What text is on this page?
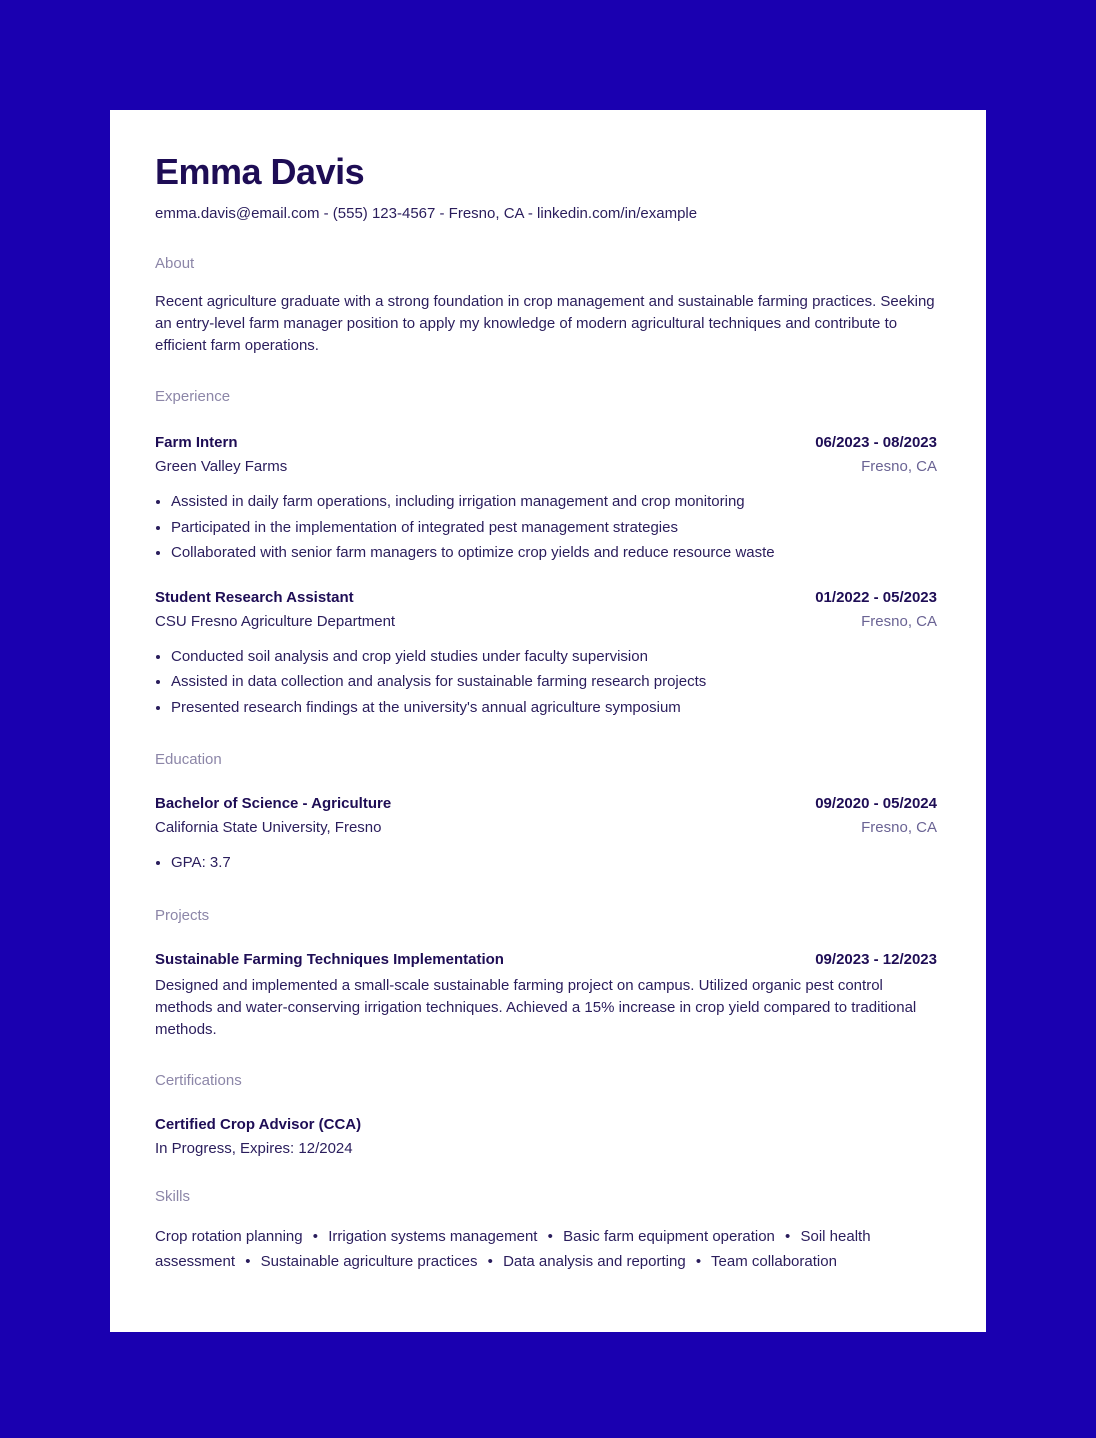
Emma Davis
emma.davis@email.com - (555) 123-4567 - Fresno, CA - linkedin.com/in/example
About
Recent agriculture graduate with a strong foundation in crop management and sustainable farming practices. Seeking an entry-level farm manager position to apply my knowledge of modern agricultural techniques and contribute to efficient farm operations.
Experience
Farm Intern	06/2023 - 08/2023
Green Valley Farms	Fresno, CA
• Assisted in daily farm operations, including irrigation management and crop monitoring
• Participated in the implementation of integrated pest management strategies
• Collaborated with senior farm managers to optimize crop yields and reduce resource waste
Student Research Assistant	01/2022 - 05/2023
CSU Fresno Agriculture Department	Fresno, CA
• Conducted soil analysis and crop yield studies under faculty supervision
• Assisted in data collection and analysis for sustainable farming research projects
• Presented research findings at the university's annual agriculture symposium
Education
Bachelor of Science - Agriculture	09/2020 - 05/2024
California State University, Fresno	Fresno, CA
• GPA: 3.7
Projects
Sustainable Farming Techniques Implementation	09/2023 - 12/2023
Designed and implemented a small-scale sustainable farming project on campus. Utilized organic pest control methods and water-conserving irrigation techniques. Achieved a 15% increase in crop yield compared to traditional methods.
Certifications
Certified Crop Advisor (CCA)
In Progress, Expires: 12/2024
Skills
Crop rotation planning • Irrigation systems management • Basic farm equipment operation • Soil health assessment • Sustainable agriculture practices • Data analysis and reporting • Team collaboration
